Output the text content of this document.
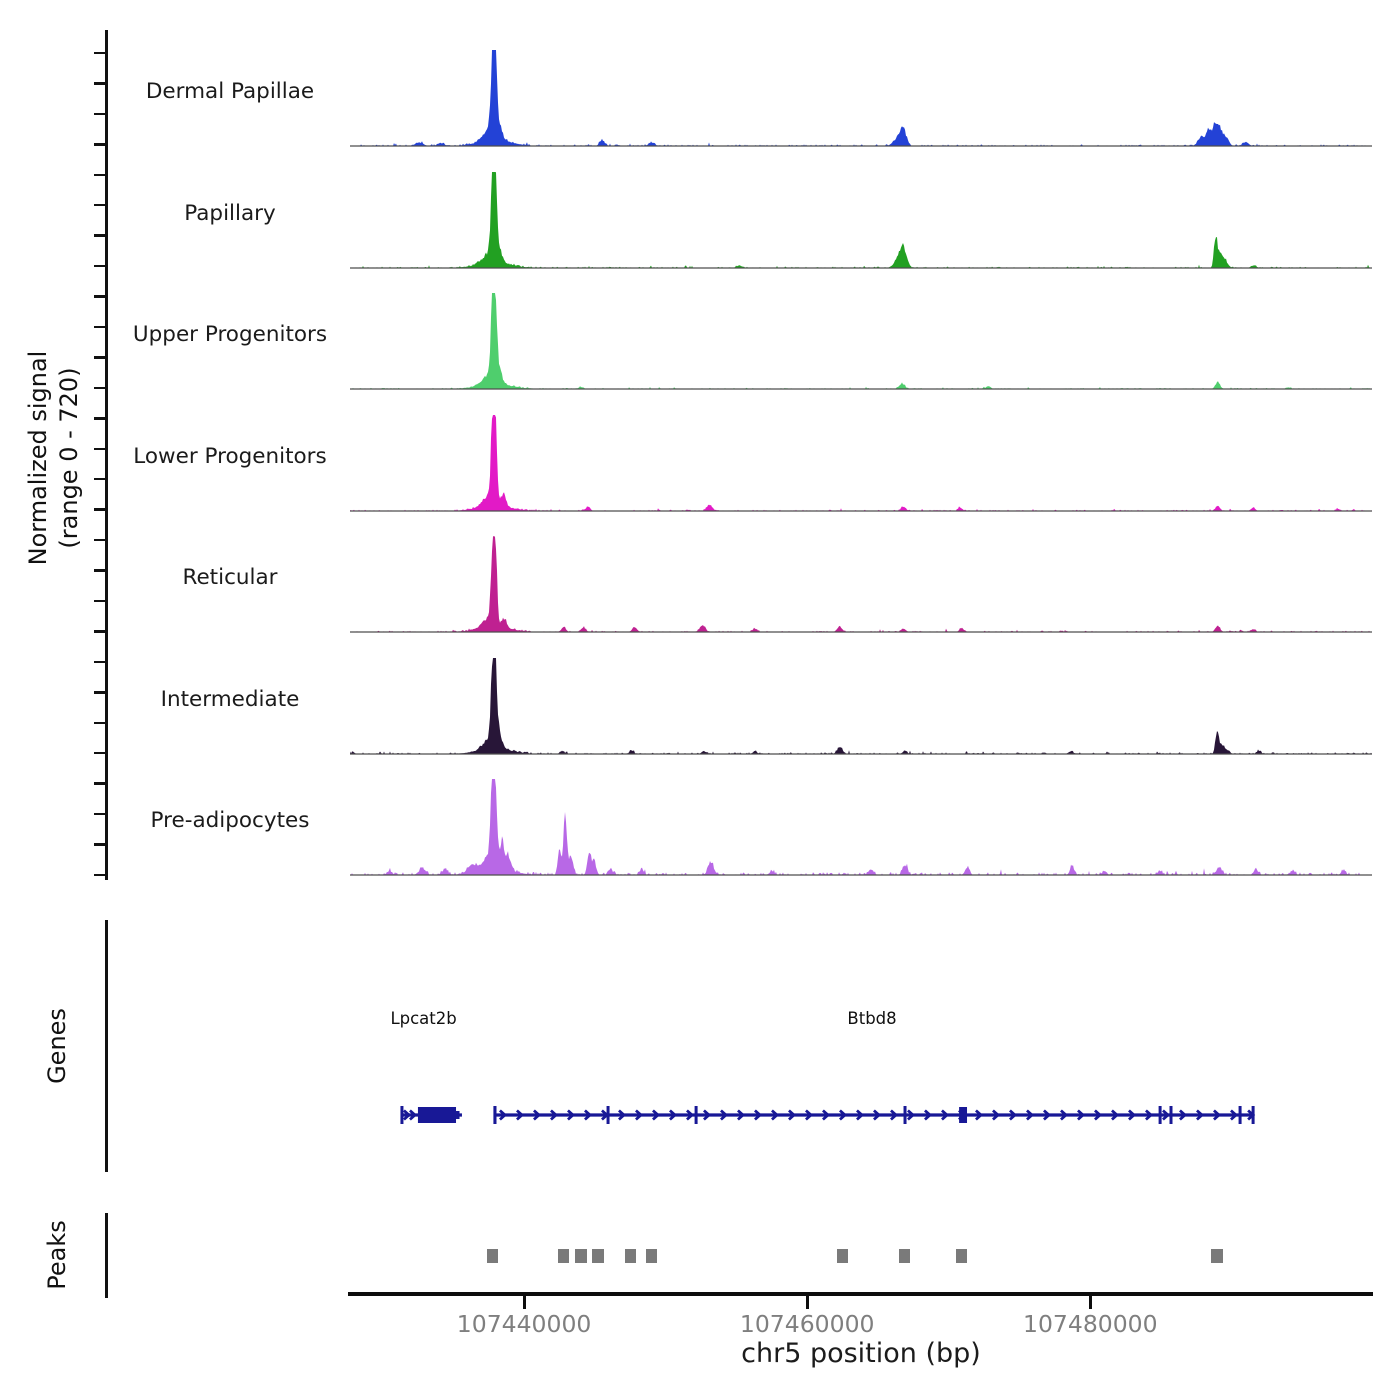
Normalized signal (range 0 - 720)
Dermal Papillae
Papillary
Upper Progenitors
Lower Progenitors
Reticular
Intermediate
Pre-adipocytes
Genes	Lpcat2b	Btbd8
Peaks
107440000	107460000	107480000
chr5 position (bp)
